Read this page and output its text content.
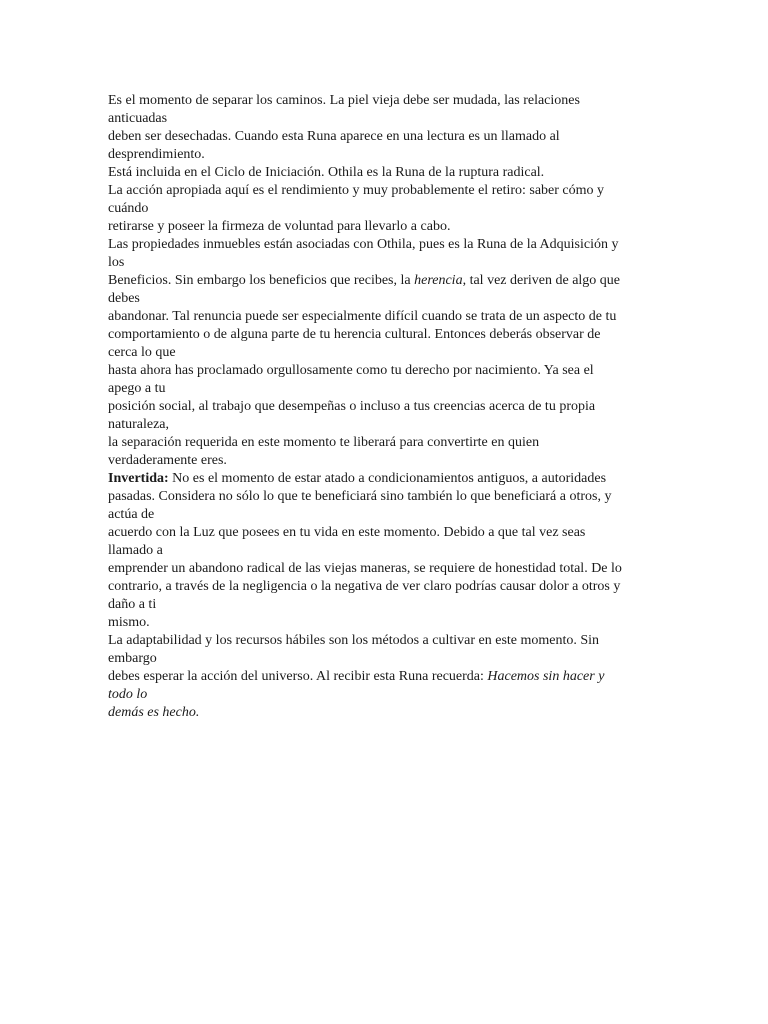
Es el momento de separar los caminos. La piel vieja debe ser mudada, las relaciones
anticuadas
deben ser desechadas. Cuando esta Runa aparece en una lectura es un llamado al
desprendimiento.
Está incluida en el Ciclo de Iniciación. Othila es la Runa de la ruptura radical.
La acción apropiada aquí es el rendimiento y muy probablemente el retiro: saber cómo y
cuándo
retirarse y poseer la firmeza de voluntad para llevarlo a cabo.
Las propiedades inmuebles están asociadas con Othila, pues es la Runa de la Adquisición y
los
Beneficios. Sin embargo los beneficios que recibes, la herencia, tal vez deriven de algo que
debes
abandonar. Tal renuncia puede ser especialmente difícil cuando se trata de un aspecto de tu
comportamiento o de alguna parte de tu herencia cultural. Entonces deberás observar de
cerca lo que
hasta ahora has proclamado orgullosamente como tu derecho por nacimiento. Ya sea el
apego a tu
posición social, al trabajo que desempeñas o incluso a tus creencias acerca de tu propia
naturaleza,
la separación requerida en este momento te liberará para convertirte en quien
verdaderamente eres.
Invertida: No es el momento de estar atado a condicionamientos antiguos, a autoridades
pasadas. Considera no sólo lo que te beneficiará sino también lo que beneficiará a otros, y
actúa de
acuerdo con la Luz que posees en tu vida en este momento. Debido a que tal vez seas
llamado a
emprender un abandono radical de las viejas maneras, se requiere de honestidad total. De lo
contrario, a través de la negligencia o la negativa de ver claro podrías causar dolor a otros y
daño a ti
mismo.
La adaptabilidad y los recursos hábiles son los métodos a cultivar en este momento. Sin
embargo
debes esperar la acción del universo. Al recibir esta Runa recuerda: Hacemos sin hacer y
todo lo
demás es hecho.
